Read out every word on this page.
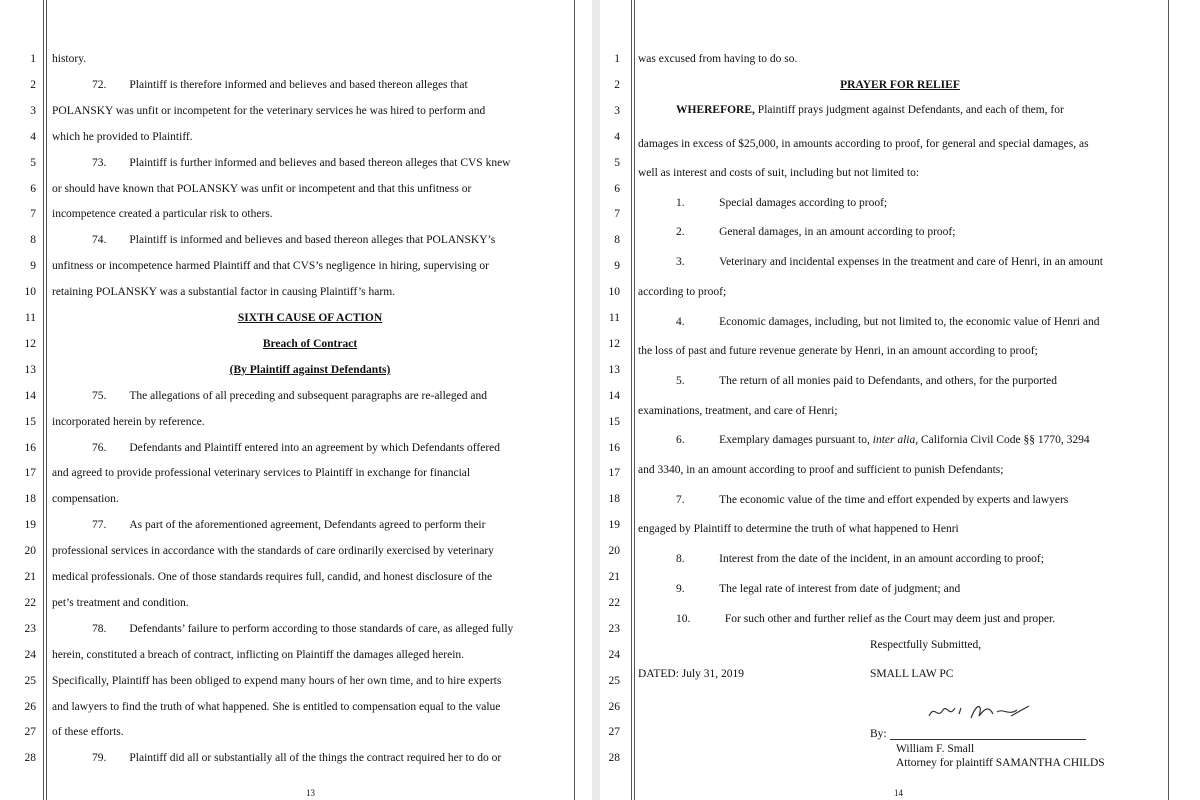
1
2
3
4
5
6
7
8
9
10
11
12
13
14
15
16
17
18
19
20
21
22
23
24
25
26
27
28
history.
72.  Plaintiff is therefore informed and believes and based thereon alleges that
POLANSKY was unfit or incompetent for the veterinary services he was hired to perform and
which he provided to Plaintiff.
73.  Plaintiff is further informed and believes and based thereon alleges that CVS knew
or should have known that POLANSKY was unfit or incompetent and that this unfitness or
incompetence created a particular risk to others.
74.  Plaintiff is informed and believes and based thereon alleges that POLANSKY’s
unfitness or incompetence harmed Plaintiff and that CVS’s negligence in hiring, supervising or
retaining POLANSKY was a substantial factor in causing Plaintiff’s harm.
SIXTH CAUSE OF ACTION
Breach of Contract
(By Plaintiff against Defendants)
75.  The allegations of all preceding and subsequent paragraphs are re-alleged and
incorporated herein by reference.
76.  Defendants and Plaintiff entered into an agreement by which Defendants offered
and agreed to provide professional veterinary services to Plaintiff in exchange for financial
compensation.
77.  As part of the aforementioned agreement, Defendants agreed to perform their
professional services in accordance with the standards of care ordinarily exercised by veterinary
medical professionals. One of those standards requires full, candid, and honest disclosure of the
pet’s treatment and condition.
78.  Defendants’ failure to perform according to those standards of care, as alleged fully
herein, constituted a breach of contract, inflicting on Plaintiff the damages alleged herein.
Specifically, Plaintiff has been obliged to expend many hours of her own time, and to hire experts
and lawyers to find the truth of what happened. She is entitled to compensation equal to the value
of these efforts.
79.  Plaintiff did all or substantially all of the things the contract required her to do or
13
1
2
3
4
5
6
7
8
9
10
11
12
13
14
15
16
17
18
19
20
21
22
23
24
25
26
27
28
was excused from having to do so.
PRAYER FOR RELIEF
damages in excess of $25,000, in amounts according to proof, for general and special damages, as
well as interest and costs of suit, including but not limited to:
1.   Special damages according to proof;
2.   General damages, in an amount according to proof;
3.   Veterinary and incidental expenses in the treatment and care of Henri, in an amount
according to proof;
4.   Economic damages, including, but not limited to, the economic value of Henri and
the loss of past and future revenue generate by Henri, in an amount according to proof;
5.   The return of all monies paid to Defendants, and others, for the purported
examinations, treatment, and care of Henri;
and 3340, in an amount according to proof and sufficient to punish Defendants;
7.   The economic value of the time and effort expended by experts and lawyers
engaged by Plaintiff to determine the truth of what happened to Henri
8.   Interest from the date of the incident, in an amount according to proof;
9.   The legal rate of interest from date of judgment; and
10.   For such other and further relief as the Court may deem just and proper.
WHEREFORE, Plaintiff prays judgment against Defendants, and each of them, for
6.   Exemplary damages pursuant to, inter alia, California Civil Code §§ 1770, 3294
Respectfully Submitted,
DATED: July 31, 2019	SMALL LAW PC
By:
William F. Small
Attorney for plaintiff SAMANTHA CHILDS
14
